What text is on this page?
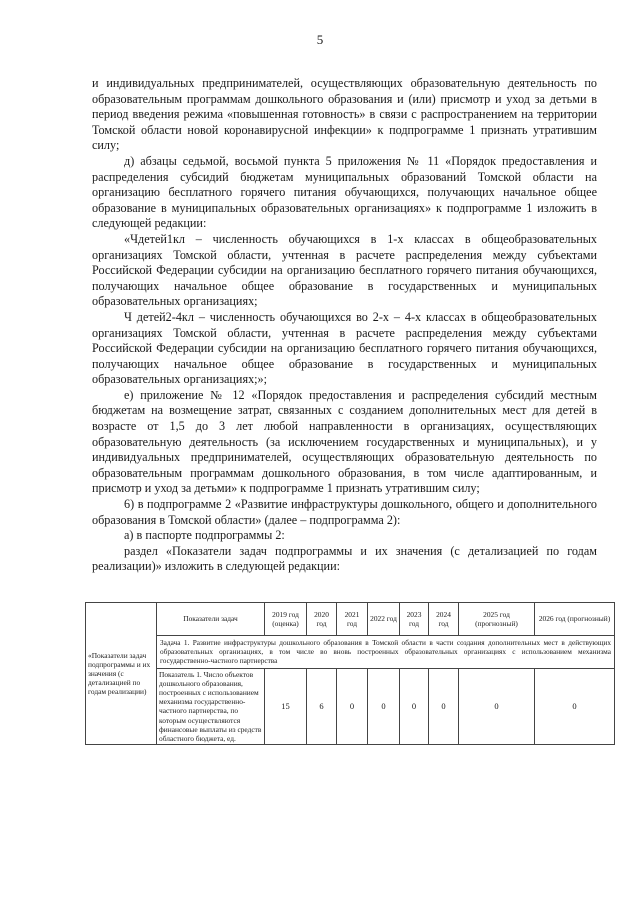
5

и индивидуальных предпринимателей, осуществляющих образовательную деятельность по образовательным программам дошкольного образования и (или) присмотр и уход за детьми в период введения режима «повышенная готовность» в связи с распространением на территории Томской области новой коронавирусной инфекции» к подпрограмме 1 признать утратившим силу;

д) абзацы седьмой, восьмой пункта 5 приложения № 11 «Порядок предоставления и распределения субсидий бюджетам муниципальных образований Томской области на организацию бесплатного горячего питания обучающихся, получающих начальное общее образование в муниципальных образовательных организациях» к подпрограмме 1 изложить в следующей редакции:

«Чдетей1кл – численность обучающихся в 1-х классах в общеобразовательных организациях Томской области, учтенная в расчете распределения между субъектами Российской Федерации субсидии на организацию бесплатного горячего питания обучающихся, получающих начальное общее образование в государственных и муниципальных образовательных организациях;

Ч детей2-4кл – численность обучающихся во 2-х – 4-х классах в общеобразовательных организациях Томской области, учтенная в расчете распределения между субъектами Российской Федерации субсидии на организацию бесплатного горячего питания обучающихся, получающих начальное общее образование в государственных и муниципальных образовательных организациях;»;

е) приложение № 12 «Порядок предоставления и распределения субсидий местным бюджетам на возмещение затрат, связанных с созданием дополнительных мест для детей в возрасте от 1,5 до 3 лет любой направленности в организациях, осуществляющих образовательную деятельность (за исключением государственных и муниципальных), и у индивидуальных предпринимателей, осуществляющих образовательную деятельность по образовательным программам дошкольного образования, в том числе адаптированным, и присмотр и уход за детьми» к подпрограмме 1 признать утратившим силу;

6) в подпрограмме 2 «Развитие инфраструктуры дошкольного, общего и дополнительного образования в Томской области» (далее – подпрограмма 2):

а) в паспорте подпрограммы 2:

раздел «Показатели задач подпрограммы и их значения (с детализацией по годам реализации)» изложить в следующей редакции:

«Показатели задач подпрограммы и их значения (с детализацией по годам реализации)	Показатели задач	2019 год (оценка)	2020 год	2021 год	2022 год	2023 год	2024 год	2025 год (прогнозный)	2026 год (прогнозный)
	Задача 1. Развитие инфраструктуры дошкольного образования в Томской области в части создания дополнительных мест в действующих образовательных организациях, в том числе во вновь построенных образовательных организациях с использованием механизма государственно-частного партнерства								
	Показатель 1. Число объектов дошкольного образования, построенных с использованием механизма государственно-частного партнерства, по которым осуществляются финансовые выплаты из средств областного бюджета, ед.	15	6	0	0	0	0	0	0
